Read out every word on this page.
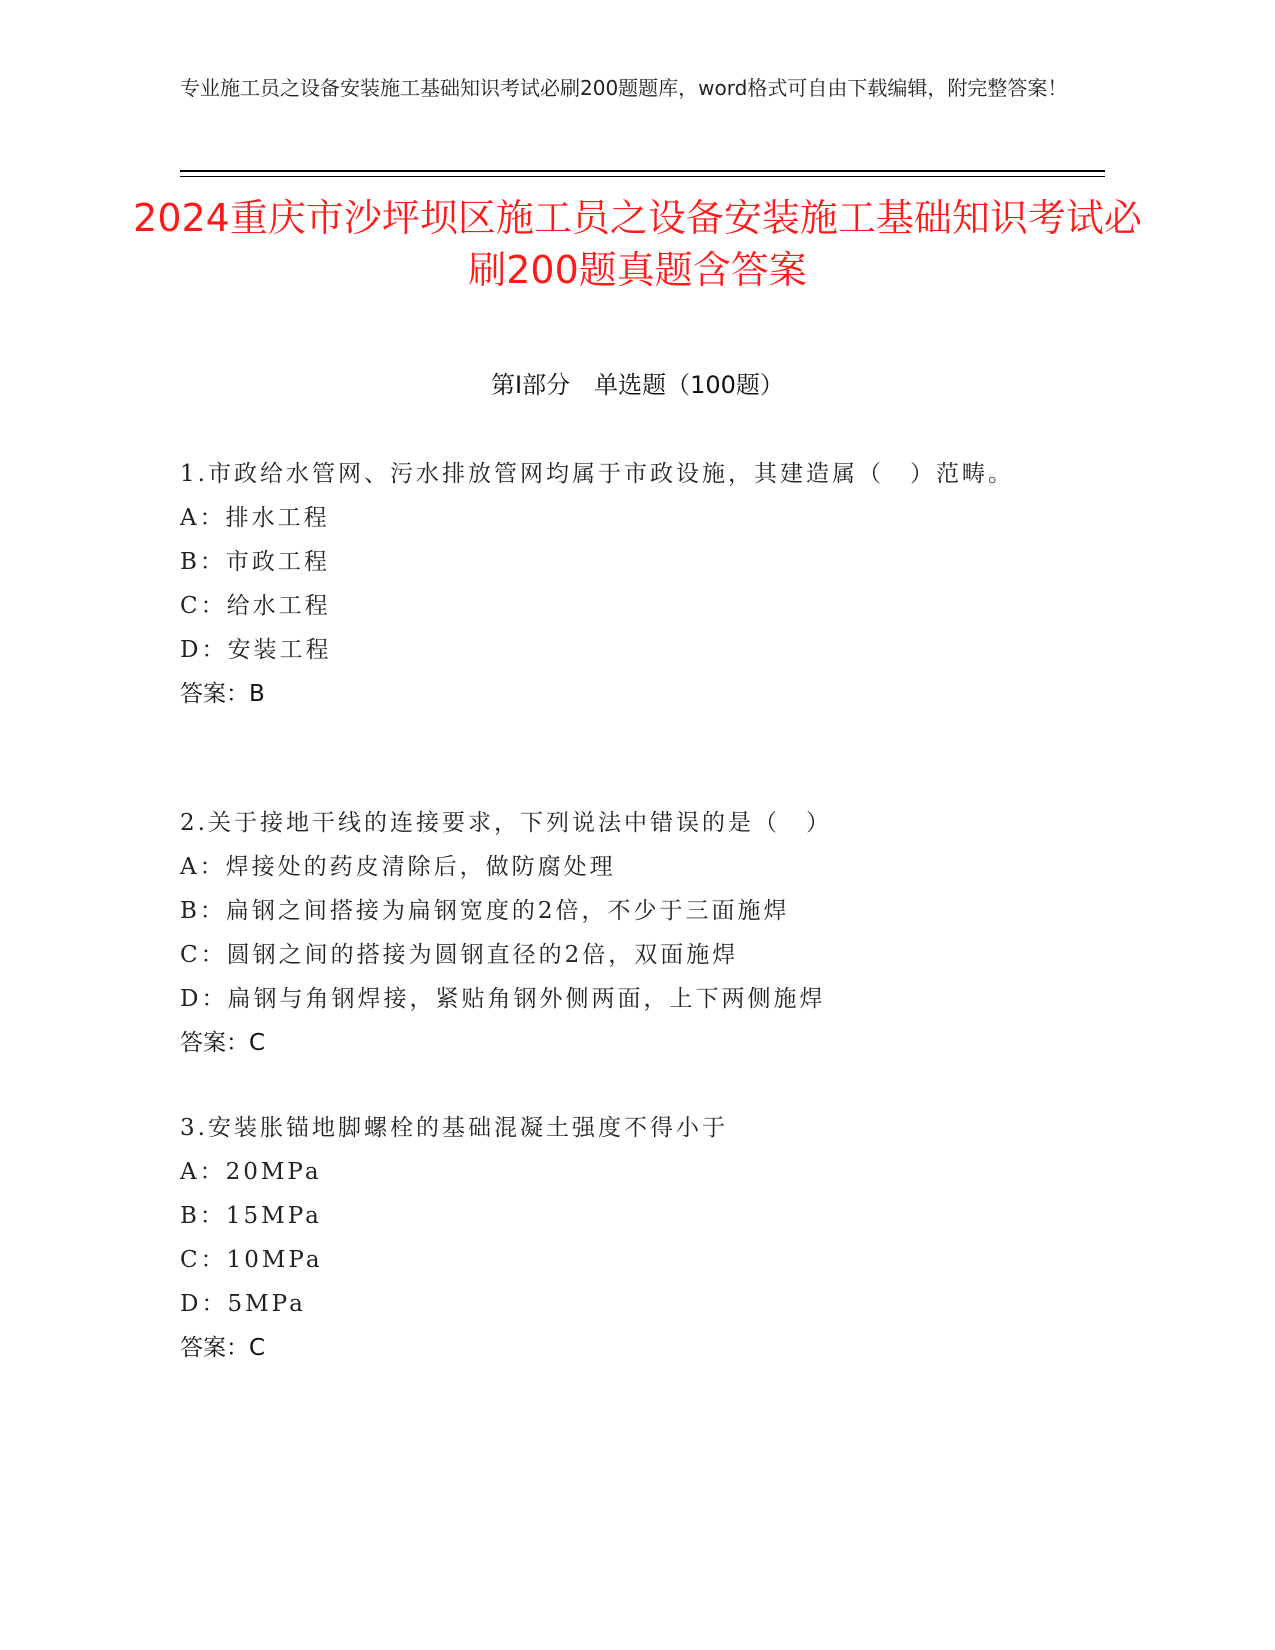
专业施工员之设备安装施工基础知识考试必刷200题题库，word格式可自由下载编辑，附完整答案！
2024重庆市沙坪坝区施工员之设备安装施工基础知识考试必刷200题真题含答案
第I部分　单选题（100题）
1.市政给水管网、污水排放管网均属于市政设施，其建造属（　）范畴。
A：排水工程
B：市政工程
C：给水工程
D：安装工程
答案：B
2.关于接地干线的连接要求，下列说法中错误的是（　）
A：焊接处的药皮清除后，做防腐处理
B：扁钢之间搭接为扁钢宽度的2倍，不少于三面施焊
C：圆钢之间的搭接为圆钢直径的2倍，双面施焊
D：扁钢与角钢焊接，紧贴角钢外侧两面，上下两侧施焊
答案：C
3.安装胀锚地脚螺栓的基础混凝土强度不得小于
A：20MPa
B：15MPa
C：10MPa
D：5MPa
答案：C
